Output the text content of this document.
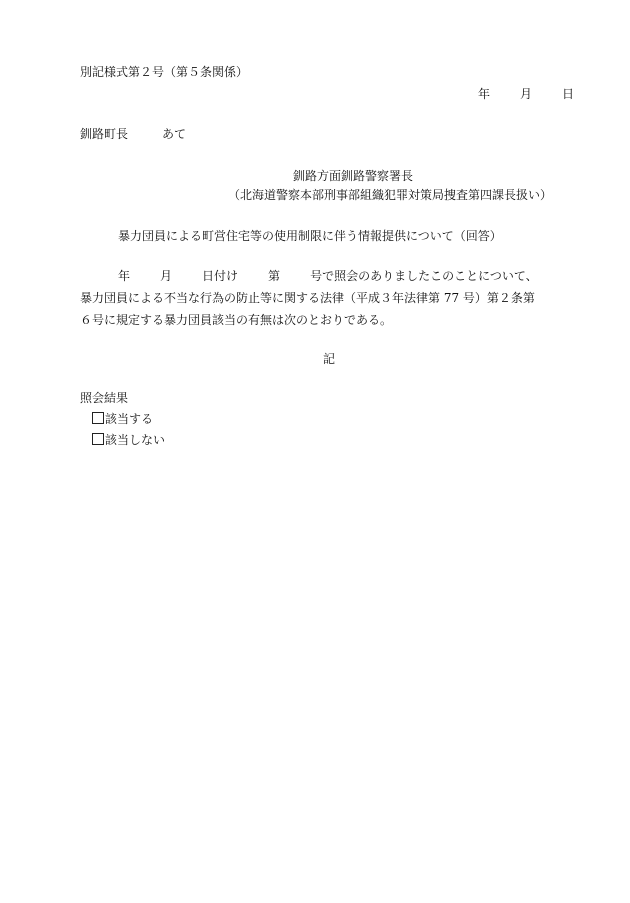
別記様式第２号（第５条関係）
年	月	日
釧路町長	あて
釧路方面釧路警察署長
（北海道警察本部刑事部組織犯罪対策局捜査第四課長扱い）
暴力団員による町営住宅等の使用制限に伴う情報提供について（回答）
年	月	日付け	第	号で照会のありましたこのことについて、
暴力団員による不当な行為の防止等に関する法律（平成３年法律第 77 号）第２条第
６号に規定する暴力団員該当の有無は次のとおりである。
記
照会結果
該当する
該当しない
